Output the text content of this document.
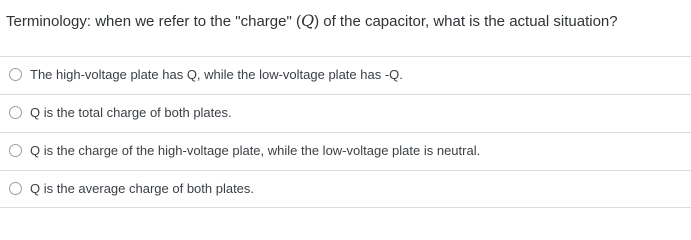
Terminology: when we refer to the "charge" (Q) of the capacitor, what is the actual situation?
The high-voltage plate has Q, while the low-voltage plate has -Q.
Q is the total charge of both plates.
Q is the charge of the high-voltage plate, while the low-voltage plate is neutral.
Q is the average charge of both plates.
